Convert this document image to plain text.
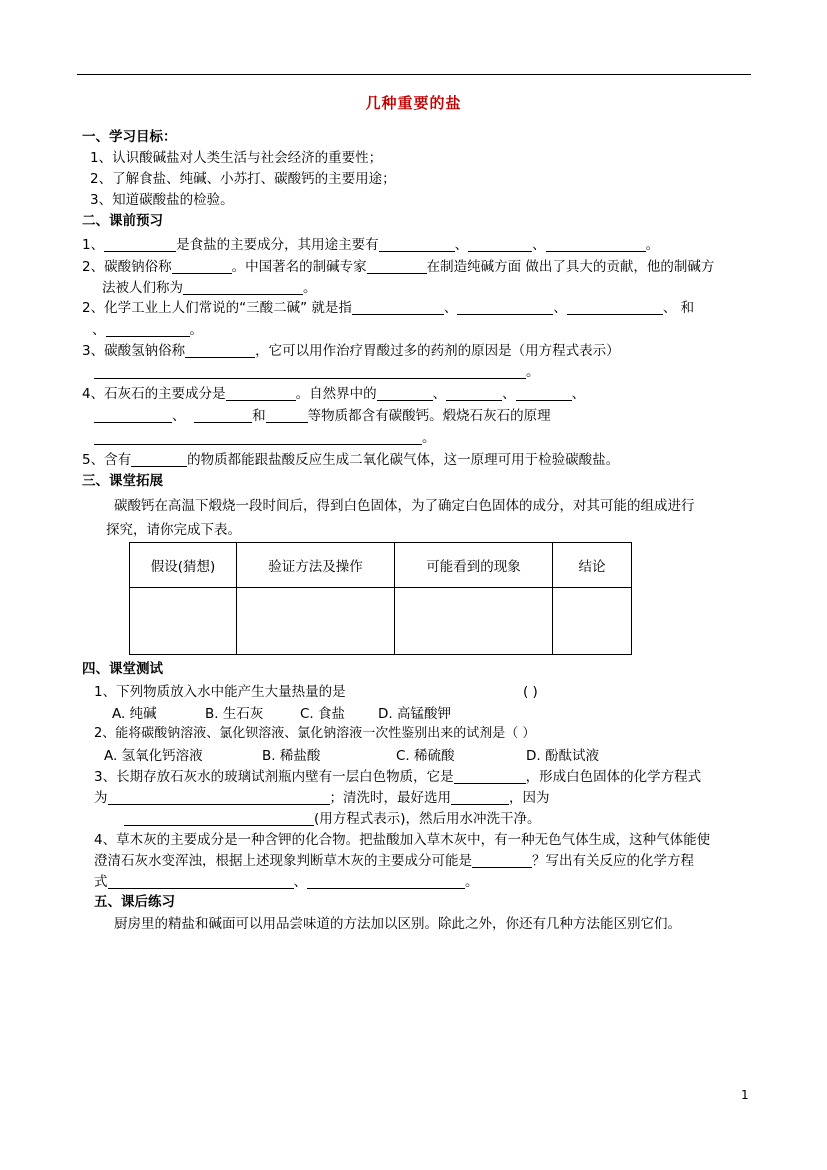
几种重要的盐
一、学习目标：
1、认识酸碱盐对人类生活与社会经济的重要性；
2、了解食盐、纯碱、小苏打、碳酸钙的主要用途；
3、知道碳酸盐的检验。
二、课前预习
1、	是食盐的主要成分，其用途主要有	、	、	。
2、碳酸钠俗称	。中国著名的制碱专家	在制造纯碱方面 做出了具大的贡献，他的制碱方
法被人们称为	。
2、化学工业上人们常说的“三酸二碱” 就是指	、	、	、 和
、	。
3、碳酸氢钠俗称	，它可以用作治疗胃酸过多的药剂的原因是（用方程式表示）
。
4、石灰石的主要成分是	。自然界中的	、	、	、
、	和	等物质都含有碳酸钙。煅烧石灰石的原理
。
5、含有	的物质都能跟盐酸反应生成二氧化碳气体，这一原理可用于检验碳酸盐。
三、课堂拓展
碳酸钙在高温下煅烧一段时间后，得到白色固体，为了确定白色固体的成分，对其可能的组成进行
探究，请你完成下表。
假设(猜想)	验证方法及操作	可能看到的现象	结论

四、课堂测试
1、下列物质放入水中能产生大量热量的是	( )
A. 纯碱	B. 生石灰	C. 食盐 D. 高锰酸钾
2、能将碳酸钠溶液、氯化钡溶液、氯化钠溶液一次性鉴别出来的试剂是（ ）
A. 氢氧化钙溶液	B. 稀盐酸	C. 稀硫酸	D. 酚酞试液
3、长期存放石灰水的玻璃试剂瓶内壁有一层白色物质，它是	，形成白色固体的化学方程式
为	；清洗时，最好选用	，因为
(用方程式表示)，然后用水冲洗干净。
4、草木灰的主要成分是一种含钾的化合物。把盐酸加入草木灰中，有一种无色气体生成，这种气体能使
澄清石灰水变浑浊，根据上述现象判断草木灰的主要成分可能是	？写出有关反应的化学方程
式	、	。
五、课后练习
厨房里的精盐和碱面可以用品尝味道的方法加以区别。除此之外，你还有几种方法能区别它们。
1
